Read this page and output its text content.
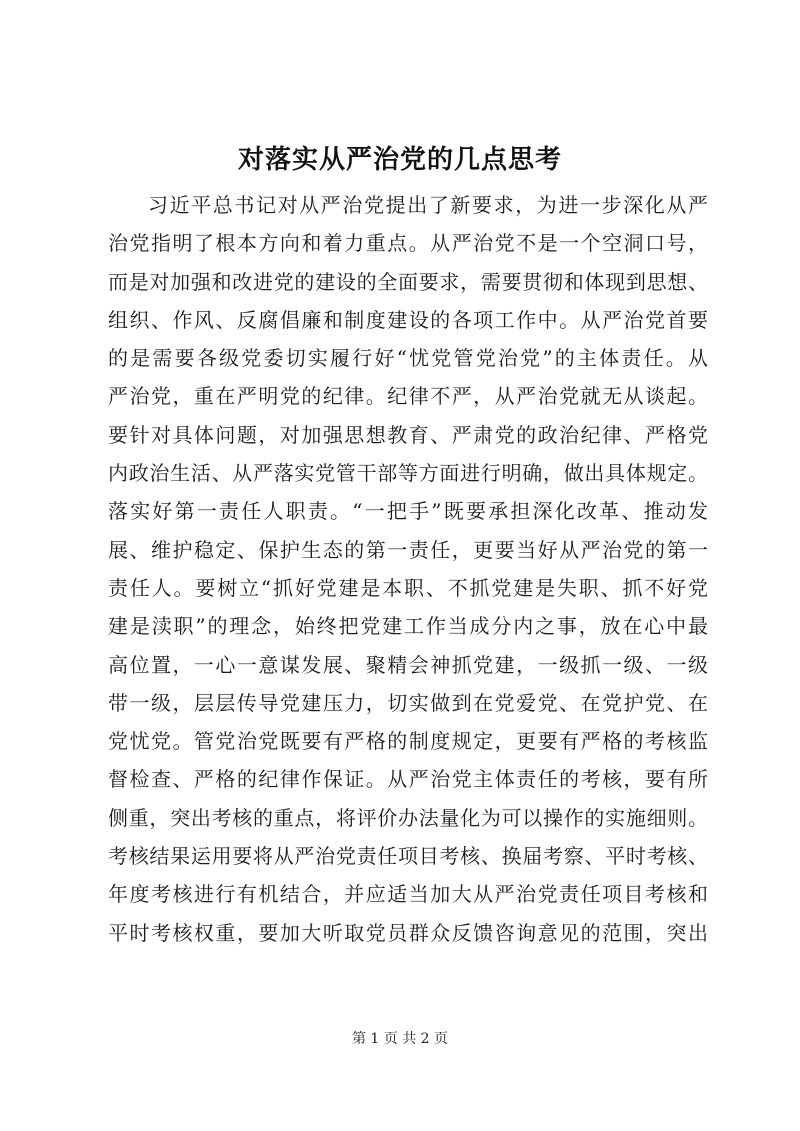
对落实从严治党的几点思考
习近平总书记对从严治党提出了新要求，为进一步深化从严
治党指明了根本方向和着力重点。从严治党不是一个空洞口号，
而是对加强和改进党的建设的全面要求，需要贯彻和体现到思想、
组织、作风、反腐倡廉和制度建设的各项工作中。从严治党首要
的是需要各级党委切实履行好“忧党管党治党”的主体责任。从
严治党，重在严明党的纪律。纪律不严，从严治党就无从谈起。
要针对具体问题，对加强思想教育、严肃党的政治纪律、严格党
内政治生活、从严落实党管干部等方面进行明确，做出具体规定。
落实好第一责任人职责。“一把手”既要承担深化改革、推动发
展、维护稳定、保护生态的第一责任，更要当好从严治党的第一
责任人。要树立“抓好党建是本职、不抓党建是失职、抓不好党
建是渎职”的理念，始终把党建工作当成分内之事，放在心中最
高位置，一心一意谋发展、聚精会神抓党建，一级抓一级、一级
带一级，层层传导党建压力，切实做到在党爱党、在党护党、在
党忧党。管党治党既要有严格的制度规定，更要有严格的考核监
督检查、严格的纪律作保证。从严治党主体责任的考核，要有所
侧重，突出考核的重点，将评价办法量化为可以操作的实施细则。
考核结果运用要将从严治党责任项目考核、换届考察、平时考核、
年度考核进行有机结合，并应适当加大从严治党责任项目考核和
平时考核权重，要加大听取党员群众反馈咨询意见的范围，突出
第 1 页 共 2 页
